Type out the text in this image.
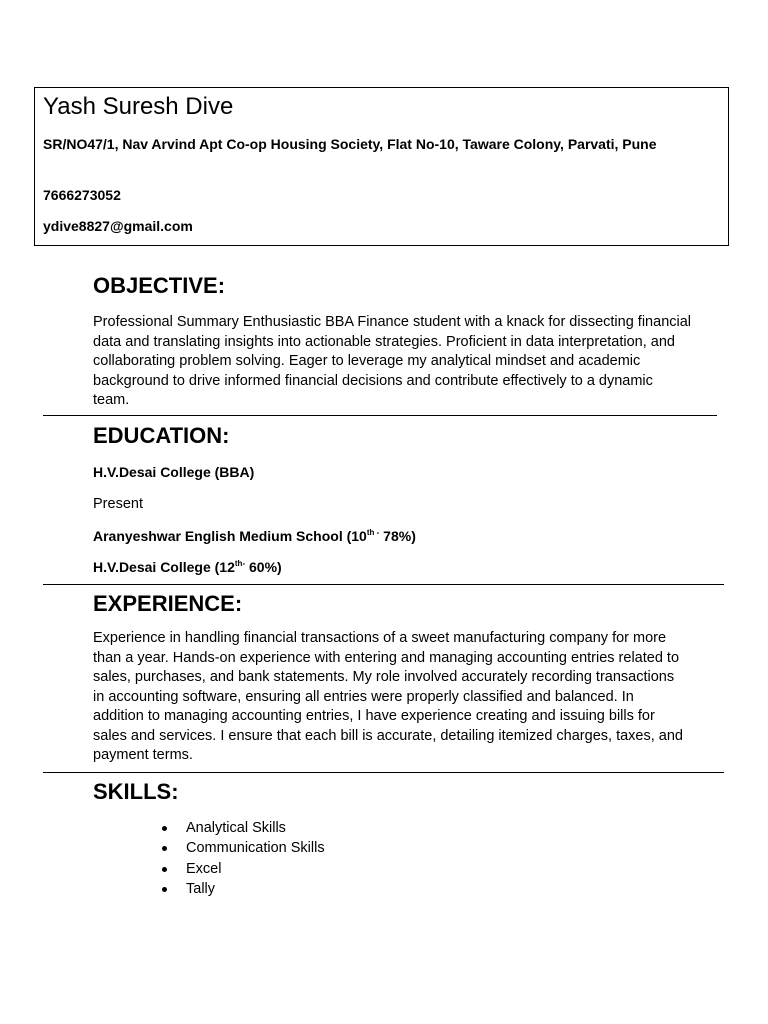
Yash Suresh Dive
SR/NO47/1, Nav Arvind Apt Co-op Housing Society, Flat No-10, Taware Colony, Parvati, Pune
7666273052
ydive8827@gmail.com
OBJECTIVE:

Professional Summary Enthusiastic BBA Finance student with a knack for dissecting financial data and translating insights into actionable strategies. Proficient in data interpretation, and collaborating problem solving. Eager to leverage my analytical mindset and academic background to drive informed financial decisions and contribute effectively to a dynamic team.

EDUCATION:
H.V.Desai College (BBA)
Present
Aranyeshwar English Medium School ($10^{th -}$ 78%)
H.V.Desai College ($12^{th-}$ 60%)
EXPERIENCE:

Experience in handling financial transactions of a sweet manufacturing company for more than a year. Hands-on experience with entering and managing accounting entries related to sales, purchases, and bank statements. My role involved accurately recording transactions in accounting software, ensuring all entries were properly classified and balanced. In addition to managing accounting entries, I have experience creating and issuing bills for sales and services. I ensure that each bill is accurate, detailing itemized charges, taxes, and payment terms.

SKILLS:
Analytical Skills
Communication Skills
Excel
Tally
